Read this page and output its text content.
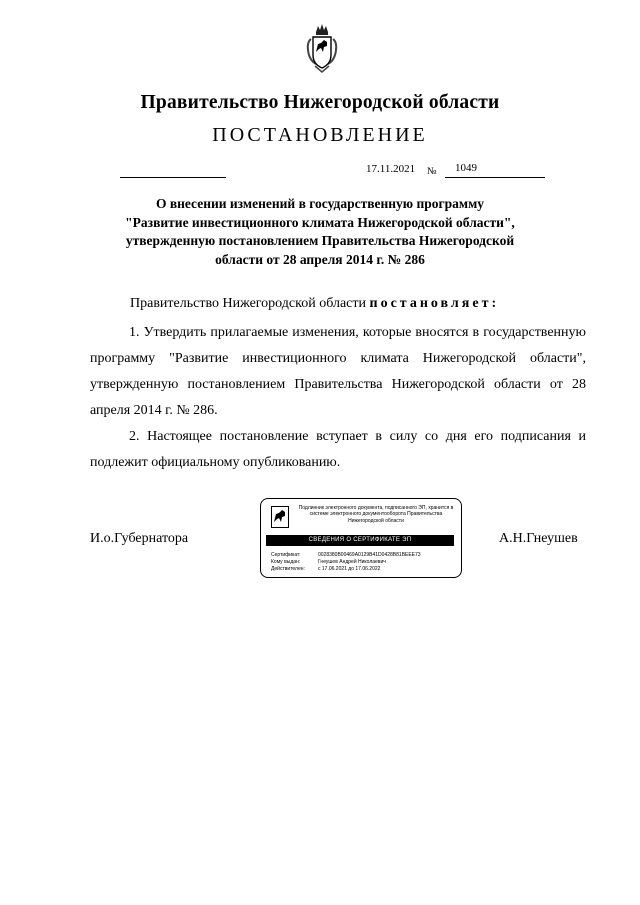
Правительство Нижегородской области
ПОСТАНОВЛЕНИЕ
17.11.2021 № 1049
О внесении изменений в государственную программу "Развитие инвестиционного климата Нижегородской области", утвержденную постановлением Правительства Нижегородской области от 28 апреля 2014 г. № 286
Правительство Нижегородской области постановляет:
1. Утвердить прилагаемые изменения, которые вносятся в государственную программу "Развитие инвестиционного климата Нижегородской области", утвержденную постановлением Правительства Нижегородской области от 28 апреля 2014 г. № 286.
2. Настоящее постановление вступает в силу со дня его подписания и подлежит официальному опубликованию.
И.о.Губернатора	А.Н.Гнеушев
Подлинник электронного документа, подписанного ЭП, хранится в системе электронного документооборота Правительства Нижегородской области
СВЕДЕНИЯ О СЕРТИФИКАТЕ ЭП
Сертификат:	0028380B00469A0129B41D0428B81BEEE73
Кому выдан:	Гнеушев Андрей Николаевич
Действителен:	с 17.06.2021 до 17.06.2022
